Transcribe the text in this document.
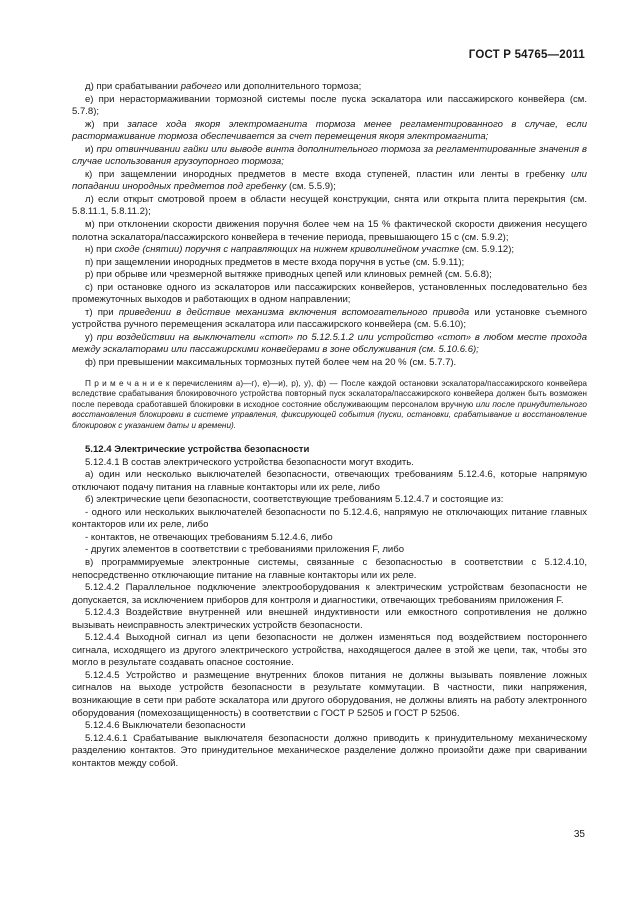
ГОСТ Р 54765—2011

д) при срабатывании рабочего или дополнительного тормоза;

е) при нерастормаживании тормозной системы после пуска эскалатора или пассажирского конвейера (см. 5.7.8);

ж) при запасе хода якоря электромагнита тормоза менее регламентированного в случае, если растормаживание тормоза обеспечивается за счет перемещения якоря электромагнита;

и) при отвинчивании гайки или выводе винта дополнительного тормоза за регламентированные значения в случае использования грузоупорного тормоза;

к) при защемлении инородных предметов в месте входа ступеней, пластин или ленты в гребенку или попадании инородных предметов под гребенку (см. 5.5.9);

л) если открыт смотровой проем в области несущей конструкции, снята или открыта плита перекрытия (см. 5.8.11.1, 5.8.11.2);

м) при отклонении скорости движения поручня более чем на 15 % фактической скорости движения несущего полотна эскалатора/пассажирского конвейера в течение периода, превышающего 15 с (см. 5.9.2);

н) при сходе (снятии) поручня с направляющих на нижнем криволинейном участке (см. 5.9.12);

п) при защемлении инородных предметов в месте входа поручня в устье (см. 5.9.11);

р) при обрыве или чрезмерной вытяжке приводных цепей или клиновых ремней (см. 5.6.8);

с) при остановке одного из эскалаторов или пассажирских конвейеров, установленных последовательно без промежуточных выходов и работающих в одном направлении;

т) при приведении в действие механизма включения вспомогательного привода или установке съемного устройства ручного перемещения эскалатора или пассажирского конвейера (см. 5.6.10);

у) при воздействии на выключатели «стоп» по 5.12.5.1.2 или устройство «стоп» в любом месте прохода между эскалаторами или пассажирскими конвейерами в зоне обслуживания (см. 5.10.6.6);

ф) при превышении максимальных тормозных путей более чем на 20 % (см. 5.7.7).

П р и м е ч а н и е к перечислениям а)—г), е)—и), р), у), ф) — После каждой остановки эскалатора/пассажирского конвейера вследствие срабатывания блокировочного устройства повторный пуск эскалатора/пассажирского конвейера должен быть возможен после перевода сработавшей блокировки в исходное состояние обслуживающим персоналом вручную или после принудительного восстановления блокировки в системе управления, фиксирующей события (пуски, остановки, срабатывание и восстановление блокировок с указанием даты и времени).

5.12.4 Электрические устройства безопасности

5.12.4.1 В состав электрического устройства безопасности могут входить.

а) один или несколько выключателей безопасности, отвечающих требованиям 5.12.4.6, которые напрямую отключают подачу питания на главные контакторы или их реле, либо

б) электрические цепи безопасности, соответствующие требованиям 5.12.4.7 и состоящие из:

- одного или нескольких выключателей безопасности по 5.12.4.6, напрямую не отключающих питание главных контакторов или их реле, либо

- контактов, не отвечающих требованиям 5.12.4.6, либо

- других элементов в соответствии с требованиями приложения F, либо

в) программируемые электронные системы, связанные с безопасностью в соответствии с 5.12.4.10, непосредственно отключающие питание на главные контакторы или их реле.

5.12.4.2 Параллельное подключение электрооборудования к электрическим устройствам безопасности не допускается, за исключением приборов для контроля и диагностики, отвечающих требованиям приложения F.

5.12.4.3 Воздействие внутренней или внешней индуктивности или емкостного сопротивления не должно вызывать неисправность электрических устройств безопасности.

5.12.4.4 Выходной сигнал из цепи безопасности не должен изменяться под воздействием постороннего сигнала, исходящего из другого электрического устройства, находящегося далее в этой же цепи, так, чтобы это могло в результате создавать опасное состояние.

5.12.4.5 Устройство и размещение внутренних блоков питания не должны вызывать появление ложных сигналов на выходе устройств безопасности в результате коммутации. В частности, пики напряжения, возникающие в сети при работе эскалатора или другого оборудования, не должны влиять на работу электронного оборудования (помехозащищенность) в соответствии с ГОСТ Р 52505 и ГОСТ Р 52506.

5.12.4.6 Выключатели безопасности

5.12.4.6.1 Срабатывание выключателя безопасности должно приводить к принудительному механическому разделению контактов. Это принудительное механическое разделение должно произойти даже при сваривании контактов между собой.

35
